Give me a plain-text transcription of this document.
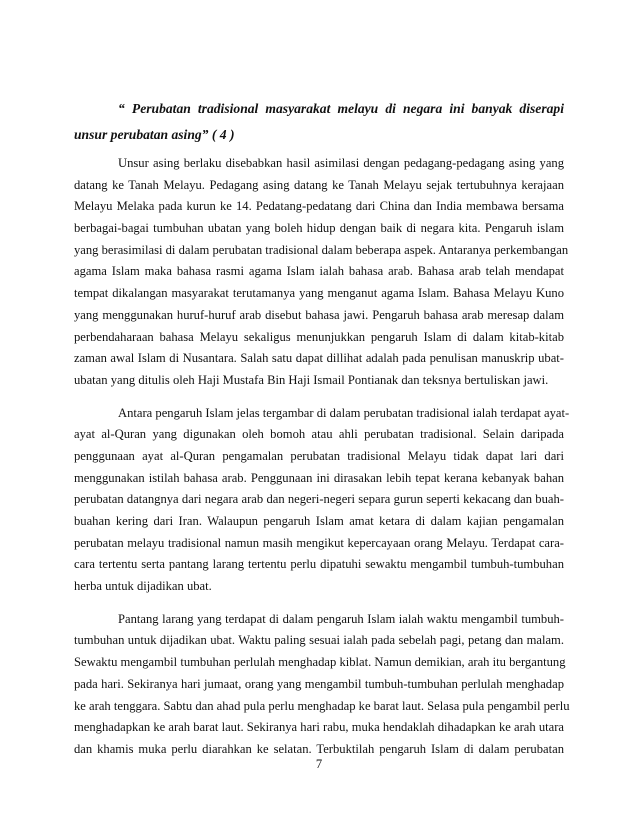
“ Perubatan tradisional masyarakat melayu di negara ini banyak diserapi unsur perubatan asing” ( 4 )
Unsur asing berlaku disebabkan hasil asimilasi dengan pedagang-pedagang asing yang
datang ke Tanah Melayu. Pedagang asing datang ke Tanah Melayu sejak tertubuhnya kerajaan
Melayu Melaka pada kurun ke 14. Pedatang-pedatang dari China dan India membawa bersama
berbagai-bagai tumbuhan ubatan yang boleh hidup dengan baik di negara kita. Pengaruh islam
yang berasimilasi di dalam perubatan tradisional dalam beberapa aspek. Antaranya perkembangan
agama Islam maka bahasa rasmi agama Islam ialah bahasa arab. Bahasa arab telah mendapat
tempat dikalangan masyarakat terutamanya yang menganut agama Islam. Bahasa Melayu Kuno
yang menggunakan huruf-huruf arab disebut bahasa jawi. Pengaruh bahasa arab meresap dalam
perbendaharaan bahasa Melayu sekaligus menunjukkan pengaruh Islam di dalam kitab-kitab
zaman awal Islam di Nusantara. Salah satu dapat dillihat adalah pada penulisan manuskrip ubat-
ubatan yang ditulis oleh Haji Mustafa Bin Haji Ismail Pontianak dan teksnya bertuliskan jawi.
Antara pengaruh Islam jelas tergambar di dalam perubatan tradisional ialah terdapat ayat-
ayat al-Quran yang digunakan oleh bomoh atau ahli perubatan tradisional. Selain daripada
penggunaan ayat al-Quran pengamalan perubatan tradisional Melayu tidak dapat lari dari
menggunakan istilah bahasa arab. Penggunaan ini dirasakan lebih tepat kerana kebanyak bahan
perubatan datangnya dari negara arab dan negeri-negeri separa gurun seperti kekacang dan buah-
buahan kering dari Iran. Walaupun pengaruh Islam amat ketara di dalam kajian pengamalan
perubatan melayu tradisional namun masih mengikut kepercayaan orang Melayu. Terdapat cara-
cara tertentu serta pantang larang tertentu perlu dipatuhi sewaktu mengambil tumbuh-tumbuhan
herba untuk dijadikan ubat.
Pantang larang yang terdapat di dalam pengaruh Islam ialah waktu mengambil tumbuh-
tumbuhan untuk dijadikan ubat. Waktu paling sesuai ialah pada sebelah pagi, petang dan malam.
Sewaktu mengambil tumbuhan perlulah menghadap kiblat. Namun demikian, arah itu bergantung
pada hari. Sekiranya hari jumaat, orang yang mengambil tumbuh-tumbuhan perlulah menghadap
ke arah tenggara. Sabtu dan ahad pula perlu menghadap ke barat laut. Selasa pula pengambil perlu
menghadapkan ke arah barat laut. Sekiranya hari rabu, muka hendaklah dihadapkan ke arah utara
dan khamis muka perlu diarahkan ke selatan. Terbuktilah pengaruh Islam di dalam perubatan
7
